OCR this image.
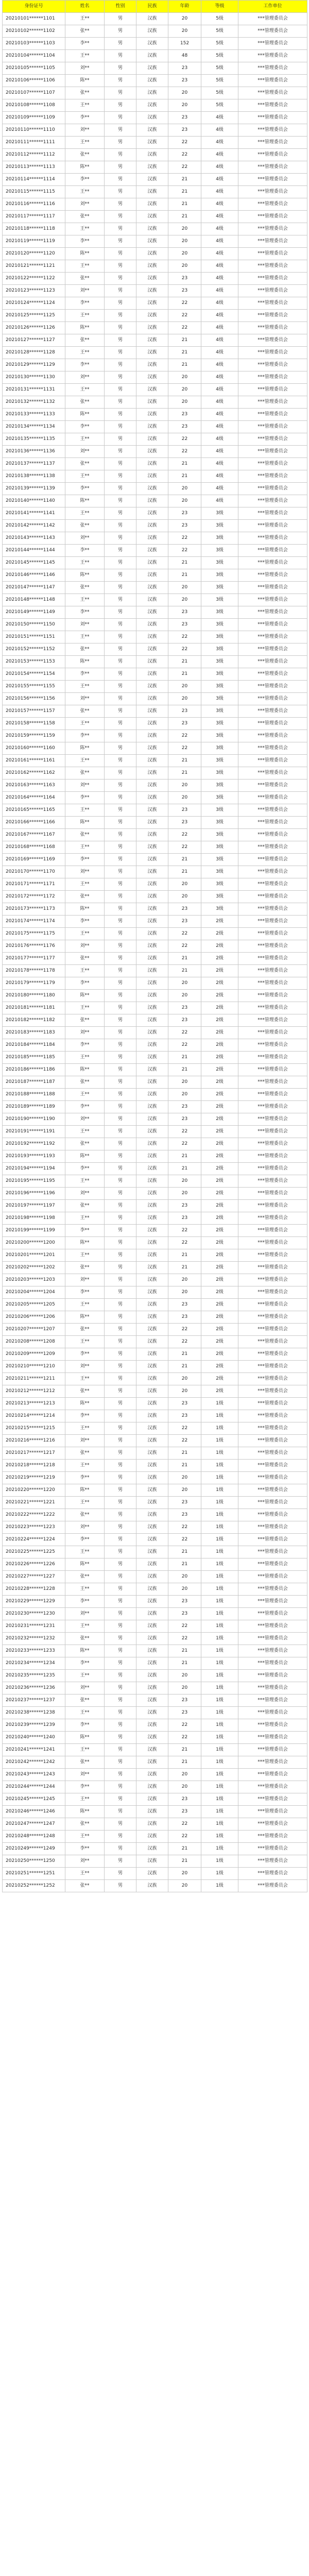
身份证号	姓名	性别	民族	年龄	等级	工作单位
20210101******1101	王**	男	汉族	20	5级	***管理委员会
20210102******1102	张**	男	汉族	20	5级	***管理委员会
20210103******1103	李**	男	汉族	152	5级	***管理委员会
20210104******1104	王**	男	汉族	48	5级	***管理委员会
20210105******1105	刘**	男	汉族	23	5级	***管理委员会
20210106******1106	陈**	男	汉族	23	5级	***管理委员会
20210107******1107	张**	男	汉族	20	5级	***管理委员会
20210108******1108	王**	男	汉族	20	5级	***管理委员会
20210109******1109	李**	男	汉族	23	4级	***管理委员会
20210110******1110	刘**	男	汉族	23	4级	***管理委员会
20210111******1111	王**	男	汉族	22	4级	***管理委员会
20210112******1112	张**	男	汉族	22	4级	***管理委员会
20210113******1113	陈**	男	汉族	22	4级	***管理委员会
20210114******1114	李**	男	汉族	21	4级	***管理委员会
20210115******1115	王**	男	汉族	21	4级	***管理委员会
20210116******1116	刘**	男	汉族	21	4级	***管理委员会
20210117******1117	张**	男	汉族	21	4级	***管理委员会
20210118******1118	王**	男	汉族	20	4级	***管理委员会
20210119******1119	李**	男	汉族	20	4级	***管理委员会
20210120******1120	陈**	男	汉族	20	4级	***管理委员会
20210121******1121	王**	男	汉族	20	4级	***管理委员会
20210122******1122	张**	男	汉族	23	4级	***管理委员会
20210123******1123	刘**	男	汉族	23	4级	***管理委员会
20210124******1124	李**	男	汉族	22	4级	***管理委员会
20210125******1125	王**	男	汉族	22	4级	***管理委员会
20210126******1126	陈**	男	汉族	22	4级	***管理委员会
20210127******1127	张**	男	汉族	21	4级	***管理委员会
20210128******1128	王**	男	汉族	21	4级	***管理委员会
20210129******1129	李**	男	汉族	21	4级	***管理委员会
20210130******1130	刘**	男	汉族	20	4级	***管理委员会
20210131******1131	王**	男	汉族	20	4级	***管理委员会
20210132******1132	张**	男	汉族	20	4级	***管理委员会
20210133******1133	陈**	男	汉族	23	4级	***管理委员会
20210134******1134	李**	男	汉族	23	4级	***管理委员会
20210135******1135	王**	男	汉族	22	4级	***管理委员会
20210136******1136	刘**	男	汉族	22	4级	***管理委员会
20210137******1137	张**	男	汉族	21	4级	***管理委员会
20210138******1138	王**	男	汉族	21	4级	***管理委员会
20210139******1139	李**	男	汉族	20	4级	***管理委员会
20210140******1140	陈**	男	汉族	20	4级	***管理委员会
20210141******1141	王**	男	汉族	23	3级	***管理委员会
20210142******1142	张**	男	汉族	23	3级	***管理委员会
20210143******1143	刘**	男	汉族	22	3级	***管理委员会
20210144******1144	李**	男	汉族	22	3级	***管理委员会
20210145******1145	王**	男	汉族	21	3级	***管理委员会
20210146******1146	陈**	男	汉族	21	3级	***管理委员会
20210147******1147	张**	男	汉族	20	3级	***管理委员会
20210148******1148	王**	男	汉族	20	3级	***管理委员会
20210149******1149	李**	男	汉族	23	3级	***管理委员会
20210150******1150	刘**	男	汉族	23	3级	***管理委员会
20210151******1151	王**	男	汉族	22	3级	***管理委员会
20210152******1152	张**	男	汉族	22	3级	***管理委员会
20210153******1153	陈**	男	汉族	21	3级	***管理委员会
20210154******1154	李**	男	汉族	21	3级	***管理委员会
20210155******1155	王**	男	汉族	20	3级	***管理委员会
20210156******1156	刘**	男	汉族	20	3级	***管理委员会
20210157******1157	张**	男	汉族	23	3级	***管理委员会
20210158******1158	王**	男	汉族	23	3级	***管理委员会
20210159******1159	李**	男	汉族	22	3级	***管理委员会
20210160******1160	陈**	男	汉族	22	3级	***管理委员会
20210161******1161	王**	男	汉族	21	3级	***管理委员会
20210162******1162	张**	男	汉族	21	3级	***管理委员会
20210163******1163	刘**	男	汉族	20	3级	***管理委员会
20210164******1164	李**	男	汉族	20	3级	***管理委员会
20210165******1165	王**	男	汉族	23	3级	***管理委员会
20210166******1166	陈**	男	汉族	23	3级	***管理委员会
20210167******1167	张**	男	汉族	22	3级	***管理委员会
20210168******1168	王**	男	汉族	22	3级	***管理委员会
20210169******1169	李**	男	汉族	21	3级	***管理委员会
20210170******1170	刘**	男	汉族	21	3级	***管理委员会
20210171******1171	王**	男	汉族	20	3级	***管理委员会
20210172******1172	张**	男	汉族	20	3级	***管理委员会
20210173******1173	陈**	男	汉族	23	3级	***管理委员会
20210174******1174	李**	男	汉族	23	2级	***管理委员会
20210175******1175	王**	男	汉族	22	2级	***管理委员会
20210176******1176	刘**	男	汉族	22	2级	***管理委员会
20210177******1177	张**	男	汉族	21	2级	***管理委员会
20210178******1178	王**	男	汉族	21	2级	***管理委员会
20210179******1179	李**	男	汉族	20	2级	***管理委员会
20210180******1180	陈**	男	汉族	20	2级	***管理委员会
20210181******1181	王**	男	汉族	23	2级	***管理委员会
20210182******1182	张**	男	汉族	23	2级	***管理委员会
20210183******1183	刘**	男	汉族	22	2级	***管理委员会
20210184******1184	李**	男	汉族	22	2级	***管理委员会
20210185******1185	王**	男	汉族	21	2级	***管理委员会
20210186******1186	陈**	男	汉族	21	2级	***管理委员会
20210187******1187	张**	男	汉族	20	2级	***管理委员会
20210188******1188	王**	男	汉族	20	2级	***管理委员会
20210189******1189	李**	男	汉族	23	2级	***管理委员会
20210190******1190	刘**	男	汉族	23	2级	***管理委员会
20210191******1191	王**	男	汉族	22	2级	***管理委员会
20210192******1192	张**	男	汉族	22	2级	***管理委员会
20210193******1193	陈**	男	汉族	21	2级	***管理委员会
20210194******1194	李**	男	汉族	21	2级	***管理委员会
20210195******1195	王**	男	汉族	20	2级	***管理委员会
20210196******1196	刘**	男	汉族	20	2级	***管理委员会
20210197******1197	张**	男	汉族	23	2级	***管理委员会
20210198******1198	王**	男	汉族	23	2级	***管理委员会
20210199******1199	李**	男	汉族	22	2级	***管理委员会
20210200******1200	陈**	男	汉族	22	2级	***管理委员会
20210201******1201	王**	男	汉族	21	2级	***管理委员会
20210202******1202	张**	男	汉族	21	2级	***管理委员会
20210203******1203	刘**	男	汉族	20	2级	***管理委员会
20210204******1204	李**	男	汉族	20	2级	***管理委员会
20210205******1205	王**	男	汉族	23	2级	***管理委员会
20210206******1206	陈**	男	汉族	23	2级	***管理委员会
20210207******1207	张**	男	汉族	22	2级	***管理委员会
20210208******1208	王**	男	汉族	22	2级	***管理委员会
20210209******1209	李**	男	汉族	21	2级	***管理委员会
20210210******1210	刘**	男	汉族	21	2级	***管理委员会
20210211******1211	王**	男	汉族	20	2级	***管理委员会
20210212******1212	张**	男	汉族	20	2级	***管理委员会
20210213******1213	陈**	男	汉族	23	1级	***管理委员会
20210214******1214	李**	男	汉族	23	1级	***管理委员会
20210215******1215	王**	男	汉族	22	1级	***管理委员会
20210216******1216	刘**	男	汉族	22	1级	***管理委员会
20210217******1217	张**	男	汉族	21	1级	***管理委员会
20210218******1218	王**	男	汉族	21	1级	***管理委员会
20210219******1219	李**	男	汉族	20	1级	***管理委员会
20210220******1220	陈**	男	汉族	20	1级	***管理委员会
20210221******1221	王**	男	汉族	23	1级	***管理委员会
20210222******1222	张**	男	汉族	23	1级	***管理委员会
20210223******1223	刘**	男	汉族	22	1级	***管理委员会
20210224******1224	李**	男	汉族	22	1级	***管理委员会
20210225******1225	王**	男	汉族	21	1级	***管理委员会
20210226******1226	陈**	男	汉族	21	1级	***管理委员会
20210227******1227	张**	男	汉族	20	1级	***管理委员会
20210228******1228	王**	男	汉族	20	1级	***管理委员会
20210229******1229	李**	男	汉族	23	1级	***管理委员会
20210230******1230	刘**	男	汉族	23	1级	***管理委员会
20210231******1231	王**	男	汉族	22	1级	***管理委员会
20210232******1232	张**	男	汉族	22	1级	***管理委员会
20210233******1233	陈**	男	汉族	21	1级	***管理委员会
20210234******1234	李**	男	汉族	21	1级	***管理委员会
20210235******1235	王**	男	汉族	20	1级	***管理委员会
20210236******1236	刘**	男	汉族	20	1级	***管理委员会
20210237******1237	张**	男	汉族	23	1级	***管理委员会
20210238******1238	王**	男	汉族	23	1级	***管理委员会
20210239******1239	李**	男	汉族	22	1级	***管理委员会
20210240******1240	陈**	男	汉族	22	1级	***管理委员会
20210241******1241	王**	男	汉族	21	1级	***管理委员会
20210242******1242	张**	男	汉族	21	1级	***管理委员会
20210243******1243	刘**	男	汉族	20	1级	***管理委员会
20210244******1244	李**	男	汉族	20	1级	***管理委员会
20210245******1245	王**	男	汉族	23	1级	***管理委员会
20210246******1246	陈**	男	汉族	23	1级	***管理委员会
20210247******1247	张**	男	汉族	22	1级	***管理委员会
20210248******1248	王**	男	汉族	22	1级	***管理委员会
20210249******1249	李**	男	汉族	21	1级	***管理委员会
20210250******1250	刘**	男	汉族	21	1级	***管理委员会
20210251******1251	王**	男	汉族	20	1级	***管理委员会
20210252******1252	张**	男	汉族	20	1级	***管理委员会
